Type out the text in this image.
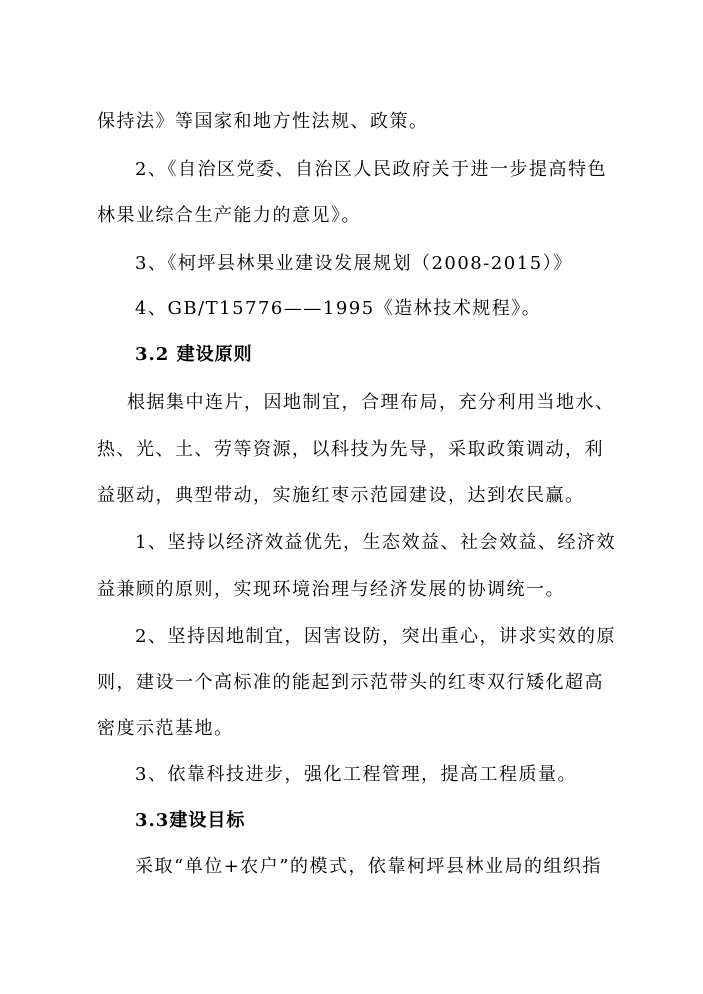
保持法》等国家和地方性法规、政策。

2、《自治区党委、自治区人民政府关于进一步提高特色

林果业综合生产能力的意见》。

3、《柯坪县林果业建设发展规划（2008-2015）》

4、GB/T15776——1995《造林技术规程》。

3.2 建设原则

根据集中连片，因地制宜，合理布局，充分利用当地水、

热、光、土、劳等资源，以科技为先导，采取政策调动，利

益驱动，典型带动，实施红枣示范园建设，达到农民赢。

1、坚持以经济效益优先，生态效益、社会效益、经济效

益兼顾的原则，实现环境治理与经济发展的协调统一。

2、坚持因地制宜，因害设防，突出重心，讲求实效的原

则，建设一个高标准的能起到示范带头的红枣双行矮化超高

密度示范基地。

3、依靠科技进步，强化工程管理，提高工程质量。

3.3建设目标

采取“单位+农户”的模式，依靠柯坪县林业局的组织指
